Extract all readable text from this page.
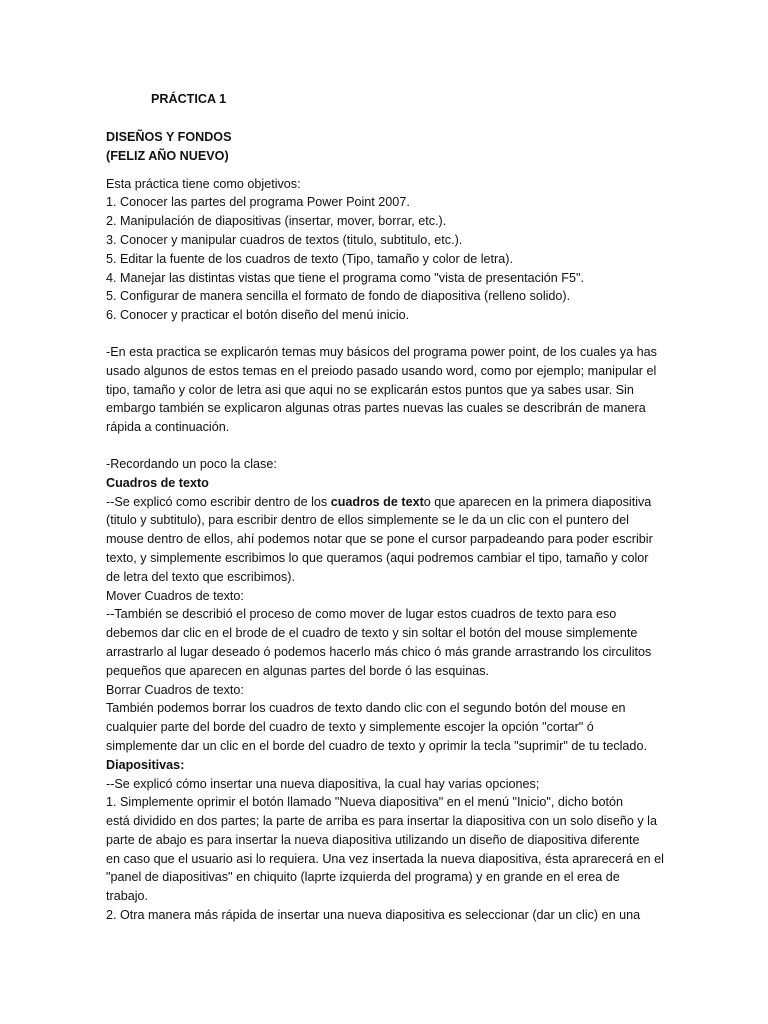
PRÁCTICA 1
DISEÑOS Y FONDOS
(FELIZ AÑO NUEVO)
Esta práctica tiene como objetivos:
1. Conocer las partes del programa Power Point 2007.
2. Manipulación de diapositivas (insertar, mover, borrar, etc.).
3. Conocer y manipular cuadros de textos (titulo, subtitulo, etc.).
5. Editar la fuente de los cuadros de texto (Tipo, tamaño y color de letra).
4. Manejar las distintas vistas que tiene el programa como "vista de presentación F5".
5. Configurar de manera sencilla el formato de fondo de diapositiva (relleno solido).
6. Conocer y practicar el botón diseño del menú inicio.
-En esta practica se explicarón temas muy básicos del programa power point, de los cuales ya has
usado algunos de estos temas en el preiodo pasado usando word, como por ejemplo; manipular el
tipo, tamaño y color de letra asi que aqui no se explicarán estos puntos que ya sabes usar. Sin
embargo también se explicaron algunas otras partes nuevas las cuales se describrán de manera
rápida a continuación.
-Recordando un poco la clase:
Cuadros de texto
--Se explicó como escribir dentro de los cuadros de texto que aparecen en la primera diapositiva
(titulo y subtitulo), para escribir dentro de ellos simplemente se le da un clic con el puntero del
mouse dentro de ellos, ahí podemos notar que se pone el cursor parpadeando para poder escribir
texto, y simplemente escribimos lo que queramos (aqui podremos cambiar el tipo, tamaño y color
de letra del texto que escribimos).
Mover Cuadros de texto:
--También se describió el proceso de como mover de lugar estos cuadros de texto para eso
debemos dar clic en el brode de el cuadro de texto y sin soltar el botón del mouse simplemente
arrastrarlo al lugar deseado ó podemos hacerlo más chico ó más grande arrastrando los circulitos
pequeños que aparecen en algunas partes del borde ó las esquinas.
Borrar Cuadros de texto:
También podemos borrar los cuadros de texto dando clic con el segundo botón del mouse en
cualquier parte del borde del cuadro de texto y simplemente escojer la opción "cortar" ó
simplemente dar un clic en el borde del cuadro de texto y oprimir la tecla "suprimir" de tu teclado.
Diapositivas:
--Se explicó cómo insertar una nueva diapositiva, la cual hay varias opciones;
1. Simplemente oprimir el botón llamado "Nueva diapositiva" en el menú "Inicio", dicho botón
está dividido en dos partes; la parte de arriba es para insertar la diapositiva con un solo diseño y la
parte de abajo es para insertar la nueva diapositiva utilizando un diseño de diapositiva diferente
en caso que el usuario asi lo requiera. Una vez insertada la nueva diapositiva, ésta aprarecerá en el
"panel de diapositivas" en chiquito (laprte izquierda del programa) y en grande en el erea de
trabajo.
2. Otra manera más rápida de insertar una nueva diapositiva es seleccionar (dar un clic) en una
